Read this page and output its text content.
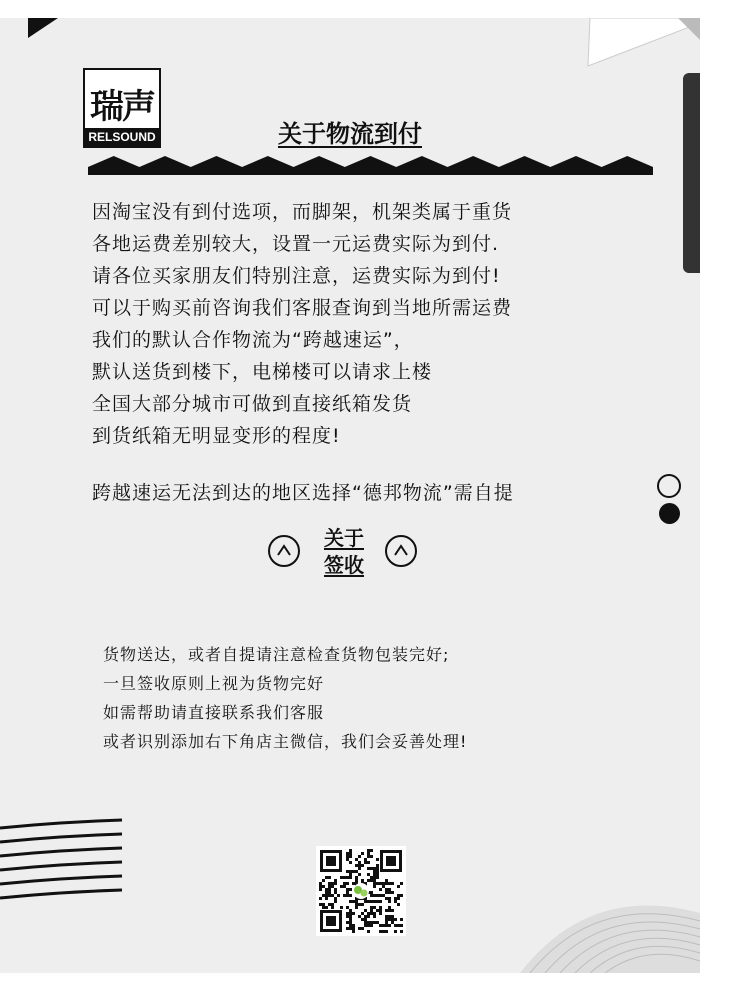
瑞声
RELSOUND	关于物流到付
因淘宝没有到付选项，而脚架，机架类属于重货
各地运费差别较大，设置一元运费实际为到付.
请各位买家朋友们特别注意，运费实际为到付!
可以于购买前咨询我们客服查询到当地所需运费
我们的默认合作物流为“跨越速运”，
默认送货到楼下，电梯楼可以请求上楼
全国大部分城市可做到直接纸箱发货
到货纸箱无明显变形的程度!
跨越速运无法到达的地区选择“德邦物流”需自提
关于
签收
货物送达，或者自提请注意检查货物包装完好;
一旦签收原则上视为货物完好
如需帮助请直接联系我们客服
或者识别添加右下角店主微信，我们会妥善处理!
